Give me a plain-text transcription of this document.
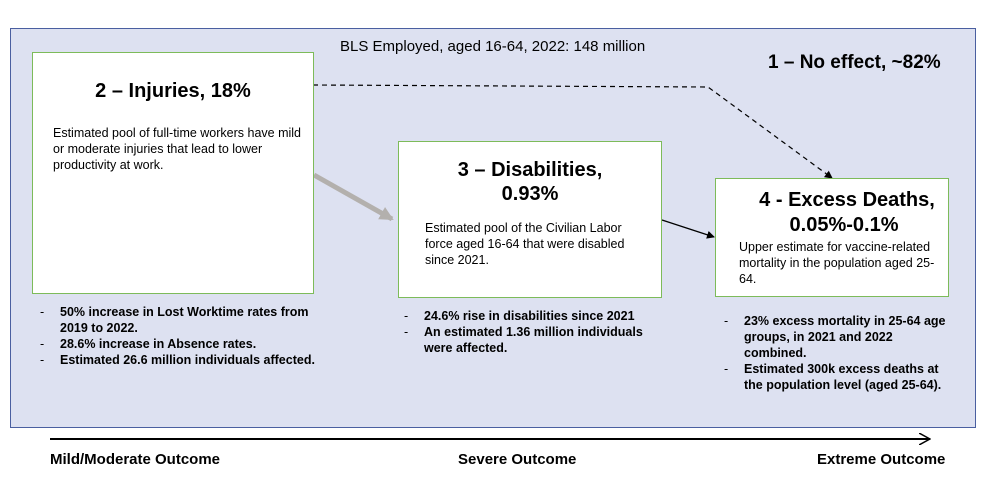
BLS Employed, aged 16-64, 2022: 148 million
1 – No effect, ~82%
2 – Injuries, 18%
Estimated pool of full-time workers have mild or moderate injuries that lead to lower productivity at work.
- 50% increase in Lost Worktime rates from 2019 to 2022.
- 28.6% increase in Absence rates.
- Estimated 26.6 million individuals affected.
3 – Disabilities,
0.93%
Estimated pool of the Civilian Labor force aged 16-64 that were disabled since 2021.
- 24.6% rise in disabilities since 2021
- An estimated 1.36 million individuals were affected.
4 - Excess Deaths,
0.05%-0.1%
Upper estimate for vaccine-related mortality in the population aged 25-64.
- 23% excess mortality in 25-64 age groups, in 2021 and 2022 combined.
- Estimated 300k excess deaths at the population level (aged 25-64).
Mild/Moderate Outcome	Severe Outcome	Extreme Outcome
